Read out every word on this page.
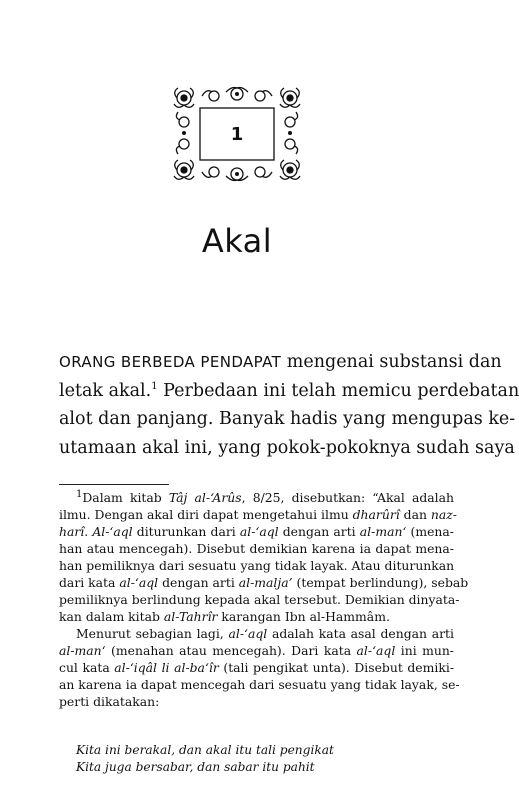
1
Akal
ORANG BERBEDA PENDAPAT mengenai substansi dan
letak akal.$^1$ Perbedaan ini telah memicu perdebatan
alot dan panjang. Banyak hadis yang mengupas ke-
utamaan akal ini, yang pokok-pokoknya sudah saya
$^1$Dalam kitab Tâj al-‘Arûs, 8/25, disebutkan: “Akal adalah
ilmu. Dengan akal diri dapat mengetahui ilmu dharûrî dan naz-
harî. Al-‘aql diturunkan dari al-‘aql dengan arti al-man‘ (mena-
han atau mencegah). Disebut demikian karena ia dapat mena-
han pemiliknya dari sesuatu yang tidak layak. Atau diturunkan
dari kata al-‘aql dengan arti al-malja’ (tempat berlindung), sebab
pemiliknya berlindung kepada akal tersebut. Demikian dinyata-
kan dalam kitab al-Tahrîr karangan Ibn al-Hammâm.
Menurut sebagian lagi, al-‘aql adalah kata asal dengan arti
al-man‘ (menahan atau mencegah). Dari kata al-‘aql ini mun-
cul kata al-‘iqâl li al-ba‘îr (tali pengikat unta). Disebut demiki-
an karena ia dapat mencegah dari sesuatu yang tidak layak, se-
perti dikatakan:
Kita ini berakal, dan akal itu tali pengikat
Kita juga bersabar, dan sabar itu pahit
